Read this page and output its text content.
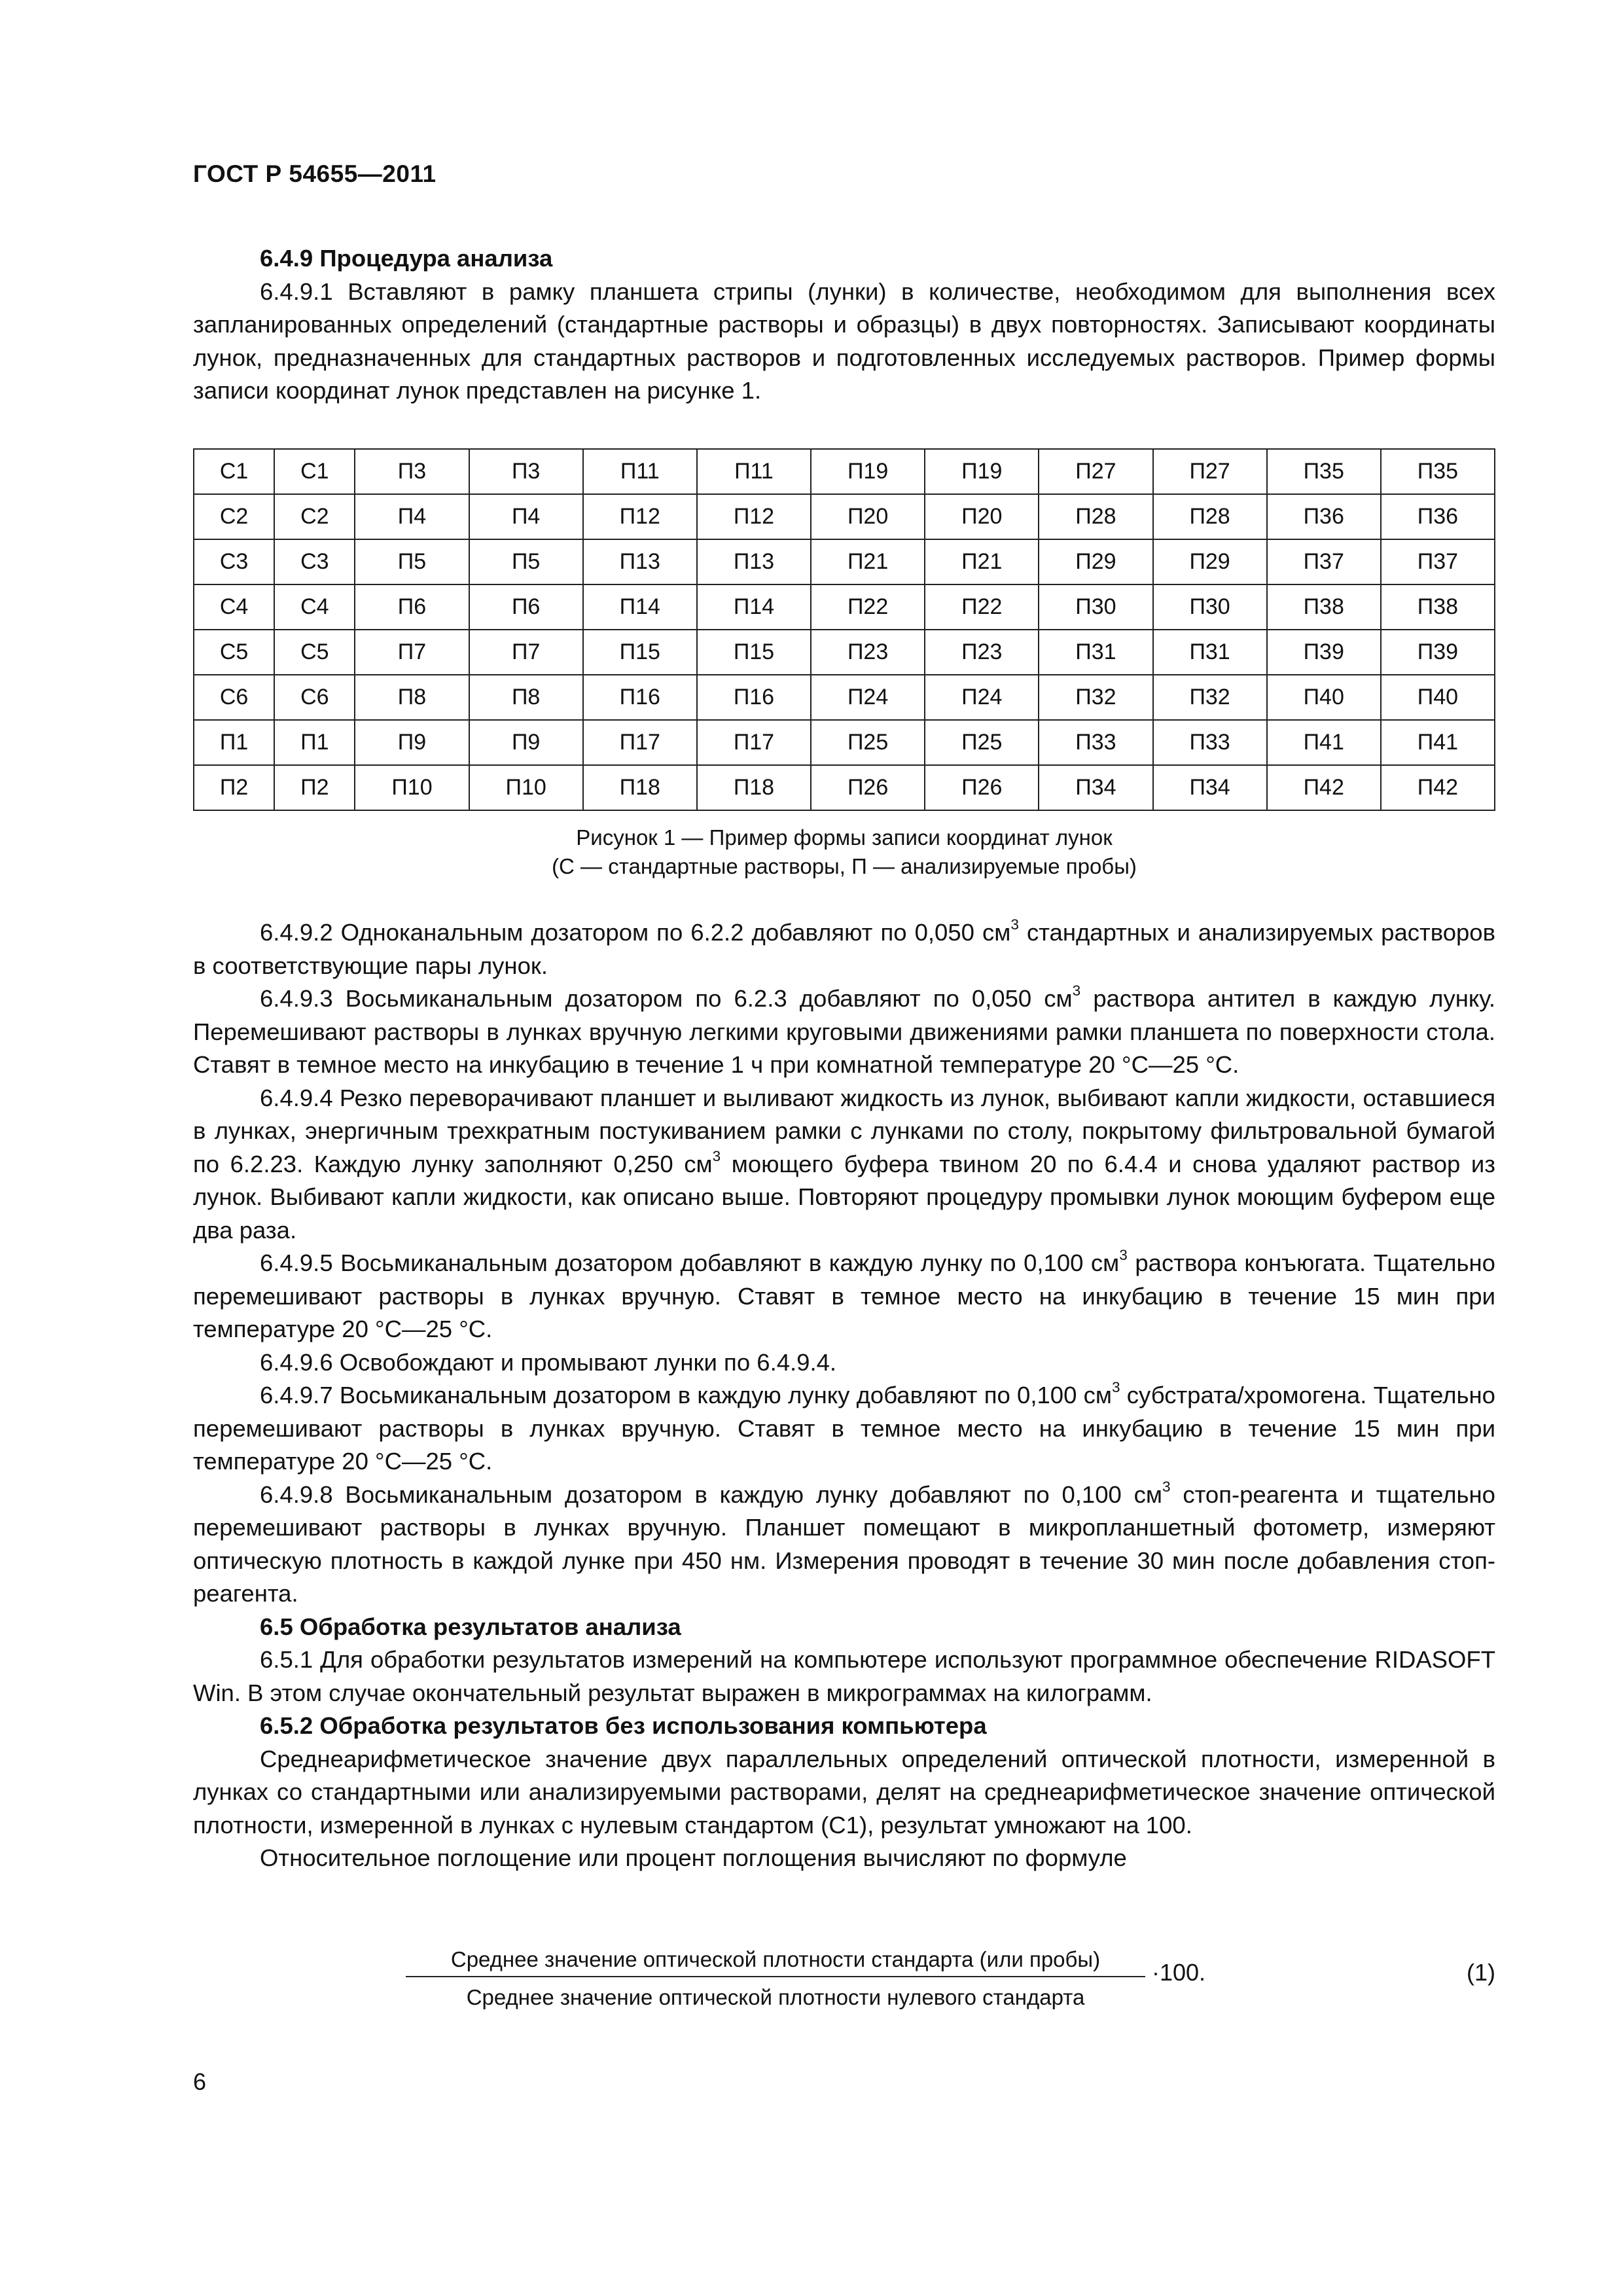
ГОСТ Р 54655—2011

6.4.9 Процедура анализа

6.4.9.1 Вставляют в рамку планшета стрипы (лунки) в количестве, необходимом для выполнения всех запланированных определений (стандартные растворы и образцы) в двух повторностях. Записывают координаты лунок, предназначенных для стандартных растворов и подготовленных исследуемых растворов. Пример формы записи координат лунок представлен на рисунке 1.

С1	С1	П3	П3	П11	П11	П19	П19	П27	П27	П35	П35
С2	С2	П4	П4	П12	П12	П20	П20	П28	П28	П36	П36
С3	С3	П5	П5	П13	П13	П21	П21	П29	П29	П37	П37
С4	С4	П6	П6	П14	П14	П22	П22	П30	П30	П38	П38
С5	С5	П7	П7	П15	П15	П23	П23	П31	П31	П39	П39
С6	С6	П8	П8	П16	П16	П24	П24	П32	П32	П40	П40
П1	П1	П9	П9	П17	П17	П25	П25	П33	П33	П41	П41
П2	П2	П10	П10	П18	П18	П26	П26	П34	П34	П42	П42
Рисунок 1 — Пример формы записи координат лунок
(С — стандартные растворы, П — анализируемые пробы)

6.4.9.2 Одноканальным дозатором по 6.2.2 добавляют по 0,050 $см^3$ стандартных и анализируемых растворов в соответствующие пары лунок.

6.4.9.3 Восьмиканальным дозатором по 6.2.3 добавляют по 0,050 $см^3$ раствора антител в каждую лунку. Перемешивают растворы в лунках вручную легкими круговыми движениями рамки планшета по поверхности стола. Ставят в темное место на инкубацию в течение 1 ч при комнатной температуре 20 °С—25 °С.

6.4.9.4 Резко переворачивают планшет и выливают жидкость из лунок, выбивают капли жидкости, оставшиеся в лунках, энергичным трехкратным постукиванием рамки с лунками по столу, покрытому фильтровальной бумагой по 6.2.23. Каждую лунку заполняют 0,250 $см^3$ моющего буфера твином 20 по 6.4.4 и снова удаляют раствор из лунок. Выбивают капли жидкости, как описано выше. Повторяют процедуру промывки лунок моющим буфером еще два раза.

6.4.9.5 Восьмиканальным дозатором добавляют в каждую лунку по 0,100 $см^3$ раствора конъюгата. Тщательно перемешивают растворы в лунках вручную. Ставят в темное место на инкубацию в течение 15 мин при температуре 20 °С—25 °С.

6.4.9.6 Освобождают и промывают лунки по 6.4.9.4.

6.4.9.7 Восьмиканальным дозатором в каждую лунку добавляют по 0,100 $см^3$ субстрата/хромогена. Тщательно перемешивают растворы в лунках вручную. Ставят в темное место на инкубацию в течение 15 мин при температуре 20 °С—25 °С.

6.4.9.8 Восьмиканальным дозатором в каждую лунку добавляют по 0,100 $см^3$ стоп-реагента и тщательно перемешивают растворы в лунках вручную. Планшет помещают в микропланшетный фотометр, измеряют оптическую плотность в каждой лунке при 450 нм. Измерения проводят в течение 30 мин после добавления стоп-реагента.

6.5 Обработка результатов анализа

6.5.1 Для обработки результатов измерений на компьютере используют программное обеспечение RIDASOFT Win. В этом случае окончательный результат выражен в микрограммах на килограмм.

6.5.2 Обработка результатов без использования компьютера

Среднеарифметическое значение двух параллельных определений оптической плотности, измеренной в лунках со стандартными или анализируемыми растворами, делят на среднеарифметическое значение оптической плотности, измеренной в лунках с нулевым стандартом (С1), результат умножают на 100.

Относительное поглощение или процент поглощения вычисляют по формуле

Среднее значение оптической плотности стандарта (или пробы)
Среднее значение оптической плотности нулевого стандарта
·100.	(1)
6
